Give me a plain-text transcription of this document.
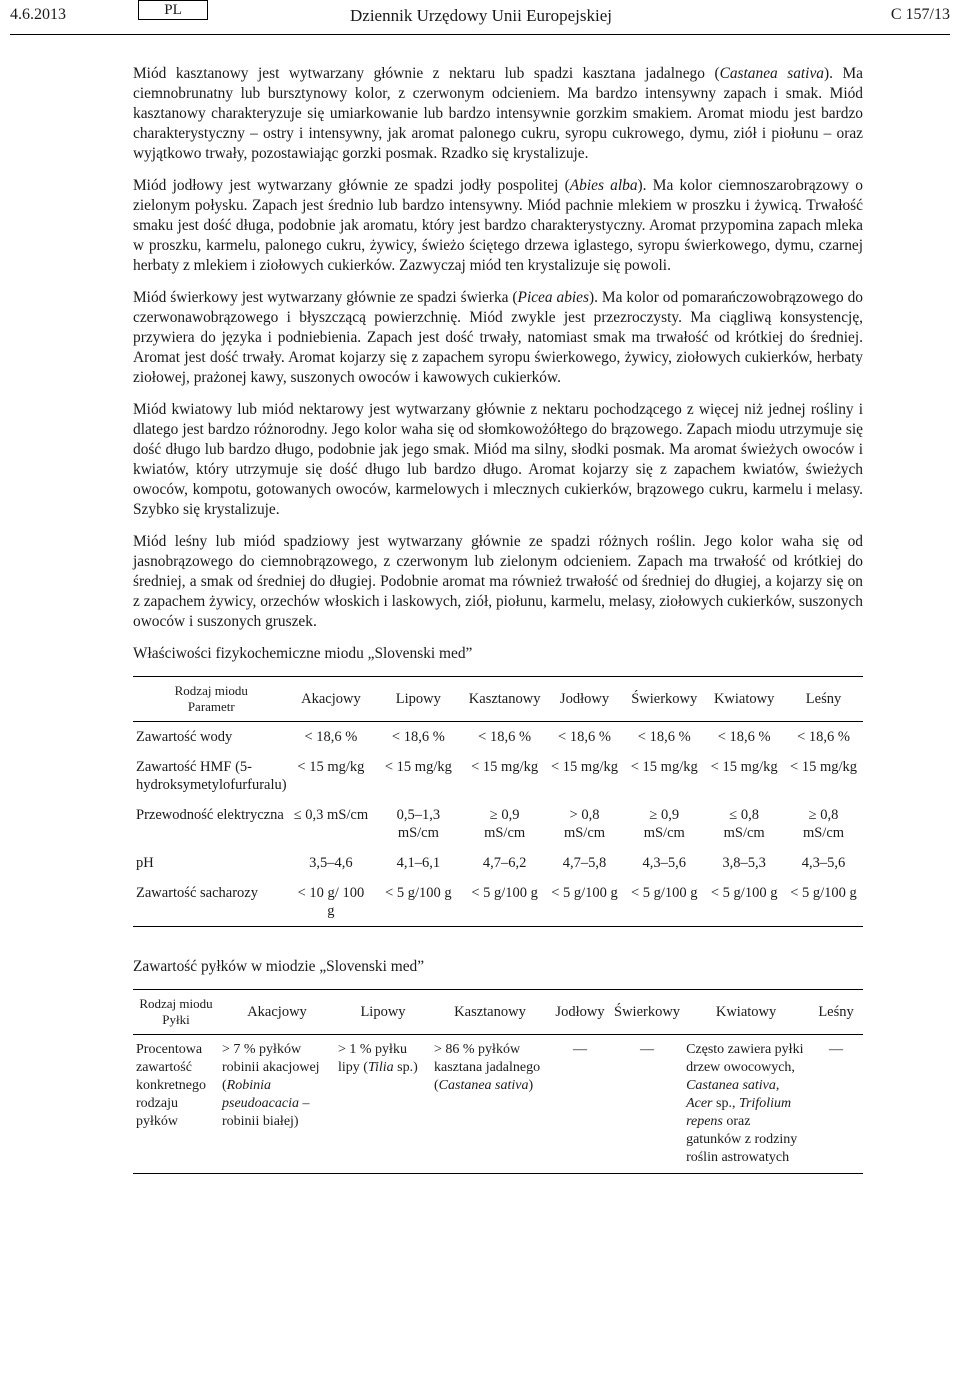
4.6.2013	PL	Dziennik Urzędowy Unii Europejskiej	C 157/13

Miód kasztanowy jest wytwarzany głównie z nektaru lub spadzi kasztana jadalnego (Castanea sativa). Ma ciemnobrunatny lub bursztynowy kolor, z czerwonym odcieniem. Ma bardzo intensywny zapach i smak. Miód kasztanowy charakteryzuje się umiarkowanie lub bardzo intensywnie gorzkim smakiem. Aromat miodu jest bardzo charakterystyczny – ostry i intensywny, jak aromat palonego cukru, syropu cukrowego, dymu, ziół i piołunu – oraz wyjątkowo trwały, pozostawiając gorzki posmak. Rzadko się krystalizuje.

Miód jodłowy jest wytwarzany głównie ze spadzi jodły pospolitej (Abies alba). Ma kolor ciemnoszarobrązowy o zielonym połysku. Zapach jest średnio lub bardzo intensywny. Miód pachnie mlekiem w proszku i żywicą. Trwałość smaku jest dość długa, podobnie jak aromatu, który jest bardzo charakterystyczny. Aromat przypomina zapach mleka w proszku, karmelu, palonego cukru, żywicy, świeżo ściętego drzewa iglastego, syropu świerkowego, dymu, czarnej herbaty z mlekiem i ziołowych cukierków. Zazwyczaj miód ten krystalizuje się powoli.

Miód świerkowy jest wytwarzany głównie ze spadzi świerka (Picea abies). Ma kolor od pomarańczowobrązowego do czerwonawobrązowego i błyszczącą powierzchnię. Miód zwykle jest przezroczysty. Ma ciągliwą konsystencję, przywiera do języka i podniebienia. Zapach jest dość trwały, natomiast smak ma trwałość od krótkiej do średniej. Aromat jest dość trwały. Aromat kojarzy się z zapachem syropu świerkowego, żywicy, ziołowych cukierków, herbaty ziołowej, prażonej kawy, suszonych owoców i kawowych cukierków.

Miód kwiatowy lub miód nektarowy jest wytwarzany głównie z nektaru pochodzącego z więcej niż jednej rośliny i dlatego jest bardzo różnorodny. Jego kolor waha się od słomkowożółtego do brązowego. Zapach miodu utrzymuje się dość długo lub bardzo długo, podobnie jak jego smak. Miód ma silny, słodki posmak. Ma aromat świeżych owoców i kwiatów, który utrzymuje się dość długo lub bardzo długo. Aromat kojarzy się z zapachem kwiatów, świeżych owoców, kompotu, gotowanych owoców, karmelowych i mlecznych cukierków, brązowego cukru, karmelu i melasy. Szybko się krystalizuje.

Miód leśny lub miód spadziowy jest wytwarzany głównie ze spadzi różnych roślin. Jego kolor waha się od jasnobrązowego do ciemnobrązowego, z czerwonym lub zielonym odcieniem. Zapach ma trwałość od krótkiej do średniej, a smak od średniej do długiej. Podobnie aromat ma również trwałość od średniej do długiej, a kojarzy się on z zapachem żywicy, orzechów włoskich i laskowych, ziół, piołunu, karmelu, melasy, ziołowych cukierków, suszonych owoców i suszonych gruszek.

Właściwości fizykochemiczne miodu „Slovenski med”

Rodzaj miodu
Parametr	Akacjowy	Lipowy	Kasztanowy	Jodłowy	Świerkowy	Kwiatowy	Leśny
Zawartość wody	< 18,6 %	< 18,6 %	< 18,6 %	< 18,6 %	< 18,6 %	< 18,6 %	< 18,6 %
Zawartość HMF (5-hydroksymetylofurfuralu)	< 15 mg/kg	< 15 mg/kg	< 15 mg/kg	< 15 mg/kg	< 15 mg/kg	< 15 mg/kg	< 15 mg/kg
Przewodność elektryczna	≤ 0,3 mS/cm	0,5–1,3 mS/cm	≥ 0,9 mS/cm	> 0,8 mS/cm	≥ 0,9 mS/cm	≤ 0,8 mS/cm	≥ 0,8 mS/cm
pH	3,5–4,6	4,1–6,1	4,7–6,2	4,7–5,8	4,3–5,6	3,8–5,3	4,3–5,6
Zawartość sacharozy	< 10 g/ 100 g	< 5 g/100 g	< 5 g/100 g	< 5 g/100 g	< 5 g/100 g	< 5 g/100 g	< 5 g/100 g

Zawartość pyłków w miodzie „Slovenski med”

Rodzaj miodu
Pyłki	Akacjowy	Lipowy	Kasztanowy	Jodłowy	Świerkowy	Kwiatowy	Leśny
Procentowa zawartość konkretnego rodzaju pyłków	> 7 % pyłków robinii akacjowej (Robinia pseudoacacia – robinii białej)	> 1 % pyłku lipy (Tilia sp.)	> 86 % pyłków kasztana jadalnego (Castanea sativa)	—	—	Często zawiera pyłki drzew owocowych, Castanea sativa, Acer sp., Trifolium repens oraz gatunków z rodziny roślin astrowatych	—
